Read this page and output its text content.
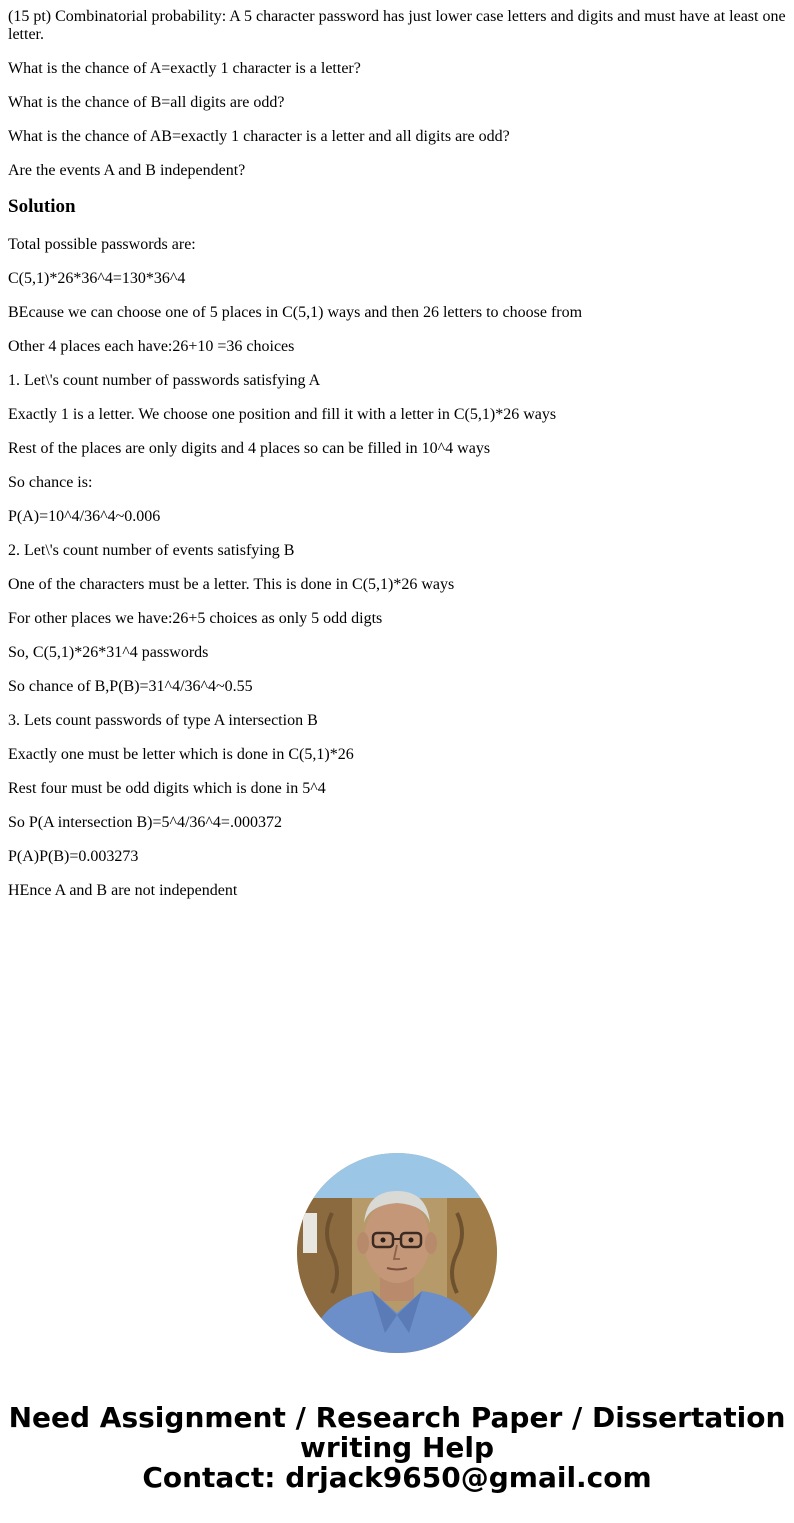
(15 pt) Combinatorial probability: A 5 character password has just lower case letters and digits and must have at least one letter.

What is the chance of A=exactly 1 character is a letter?

What is the chance of B=all digits are odd?

What is the chance of AB=exactly 1 character is a letter and all digits are odd?

Are the events A and B independent?

Solution

Total possible passwords are:

C(5,1)*26*36^4=130*36^4

BEcause we can choose one of 5 places in C(5,1) ways and then 26 letters to choose from

Other 4 places each have:26+10 =36 choices

1. Let\'s count number of passwords satisfying A

Exactly 1 is a letter. We choose one position and fill it with a letter in C(5,1)*26 ways

Rest of the places are only digits and 4 places so can be filled in 10^4 ways

So chance is:

P(A)=10^4/36^4~0.006

2. Let\'s count number of events satisfying B

One of the characters must be a letter. This is done in C(5,1)*26 ways

For other places we have:26+5 choices as only 5 odd digts

So, C(5,1)*26*31^4 passwords

So chance of B,P(B)=31^4/36^4~0.55

3. Lets count passwords of type A intersection B

Exactly one must be letter which is done in C(5,1)*26

Rest four must be odd digits which is done in 5^4

So P(A intersection B)=5^4/36^4=.000372

P(A)P(B)=0.003273

HEnce A and B are not independent

Need Assignment / Research Paper / Dissertation
writing Help
Contact: drjack9650@gmail.com
